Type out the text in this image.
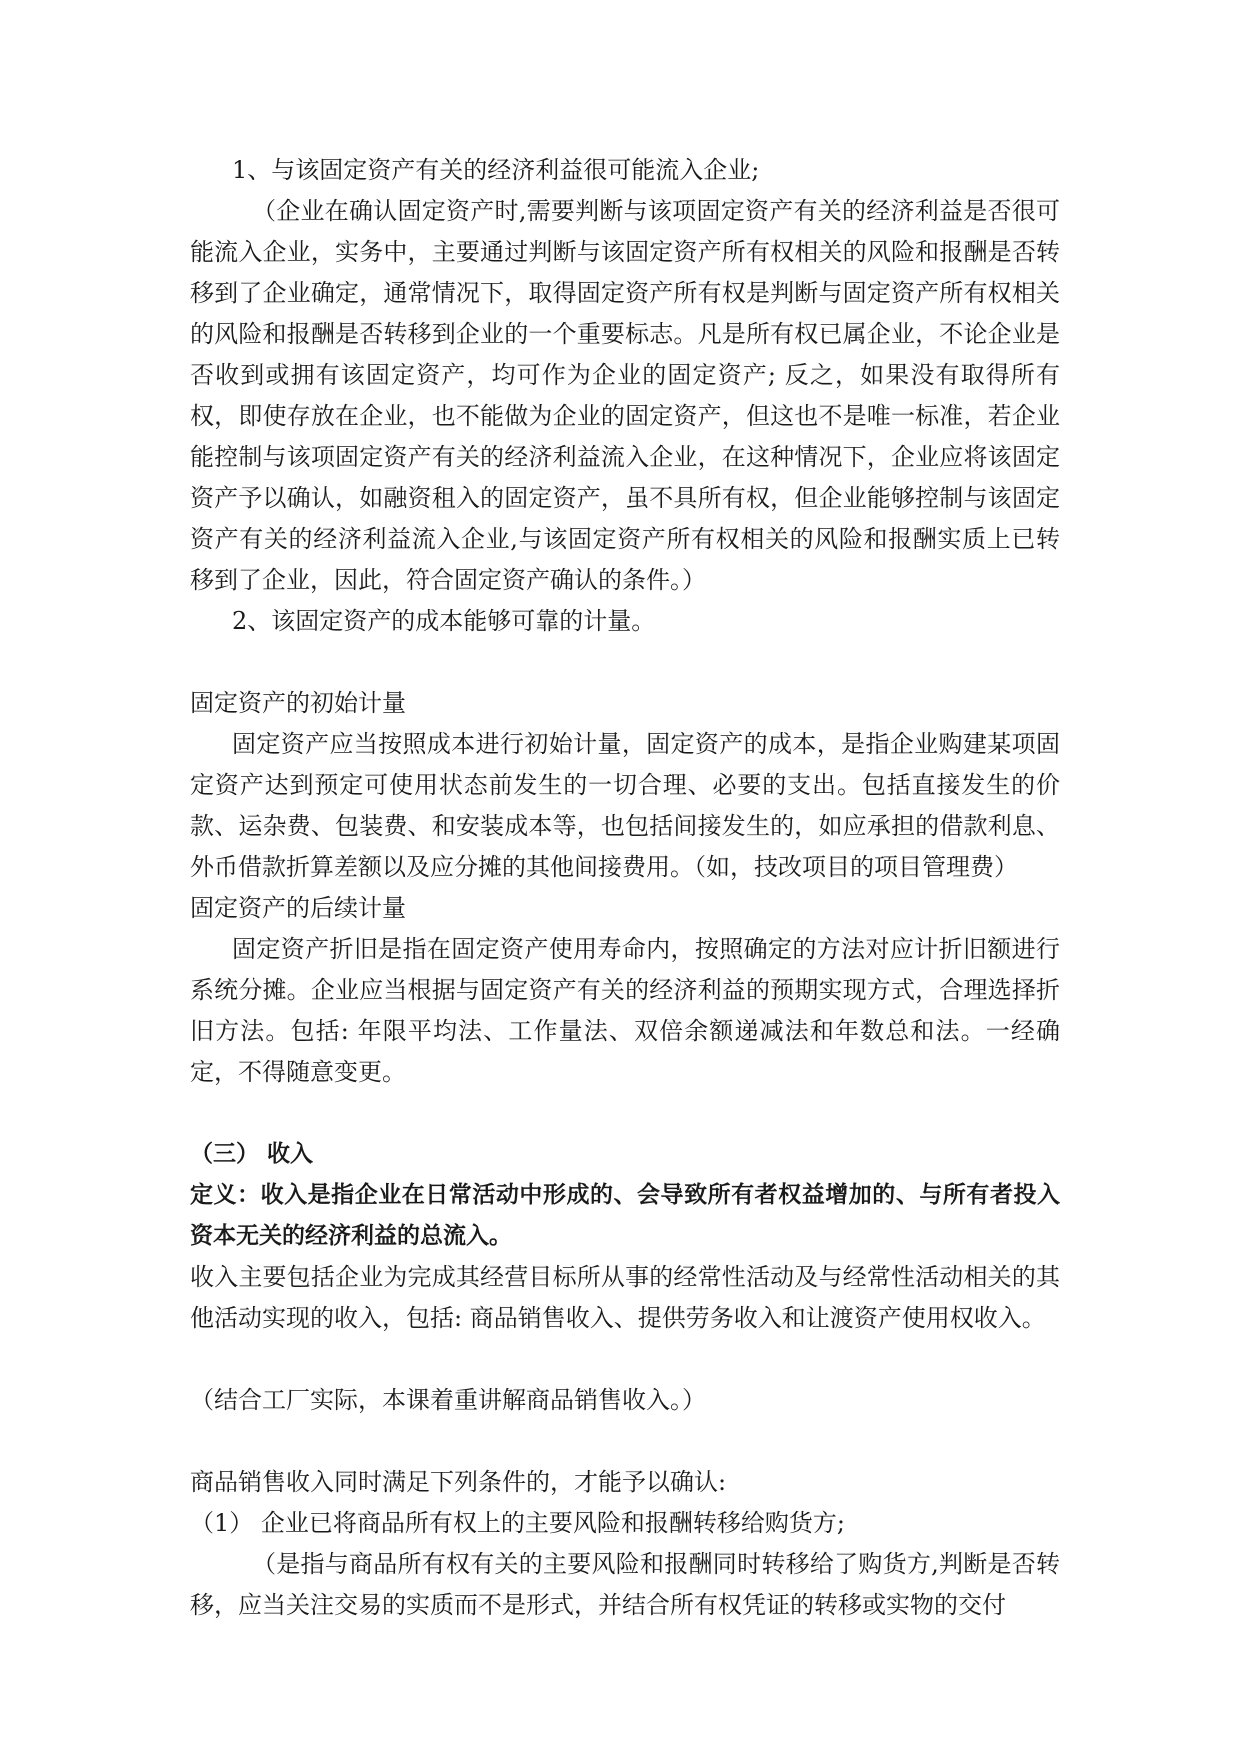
1、与该固定资产有关的经济利益很可能流入企业;

（企业在确认固定资产时,需要判断与该项固定资产有关的经济利益是否很可能流入企业，实务中，主要通过判断与该固定资产所有权相关的风险和报酬是否转移到了企业确定，通常情况下，取得固定资产所有权是判断与固定资产所有权相关的风险和报酬是否转移到企业的一个重要标志。凡是所有权已属企业，不论企业是否收到或拥有该固定资产，均可作为企业的固定资产; 反之，如果没有取得所有权，即使存放在企业，也不能做为企业的固定资产，但这也不是唯一标准，若企业能控制与该项固定资产有关的经济利益流入企业，在这种情况下，企业应将该固定资产予以确认，如融资租入的固定资产，虽不具所有权，但企业能够控制与该固定资产有关的经济利益流入企业,与该固定资产所有权相关的风险和报酬实质上已转移到了企业，因此，符合固定资产确认的条件。）

2、该固定资产的成本能够可靠的计量。

固定资产的初始计量

固定资产应当按照成本进行初始计量，固定资产的成本，是指企业购建某项固定资产达到预定可使用状态前发生的一切合理、必要的支出。包括直接发生的价款、运杂费、包装费、和安装成本等，也包括间接发生的，如应承担的借款利息、外币借款折算差额以及应分摊的其他间接费用。（如，技改项目的项目管理费）

固定资产的后续计量

固定资产折旧是指在固定资产使用寿命内，按照确定的方法对应计折旧额进行系统分摊。企业应当根据与固定资产有关的经济利益的预期实现方式，合理选择折旧方法。包括: 年限平均法、工作量法、双倍余额递减法和年数总和法。一经确定，不得随意变更。

（三） 收入

定义：收入是指企业在日常活动中形成的、会导致所有者权益增加的、与所有者投入资本无关的经济利益的总流入。

收入主要包括企业为完成其经营目标所从事的经常性活动及与经常性活动相关的其他活动实现的收入，包括: 商品销售收入、提供劳务收入和让渡资产使用权收入。

（结合工厂实际，本课着重讲解商品销售收入。）

商品销售收入同时满足下列条件的，才能予以确认:

（1） 企业已将商品所有权上的主要风险和报酬转移给购货方;

（是指与商品所有权有关的主要风险和报酬同时转移给了购货方,判断是否转移，应当关注交易的实质而不是形式，并结合所有权凭证的转移或实物的交付
